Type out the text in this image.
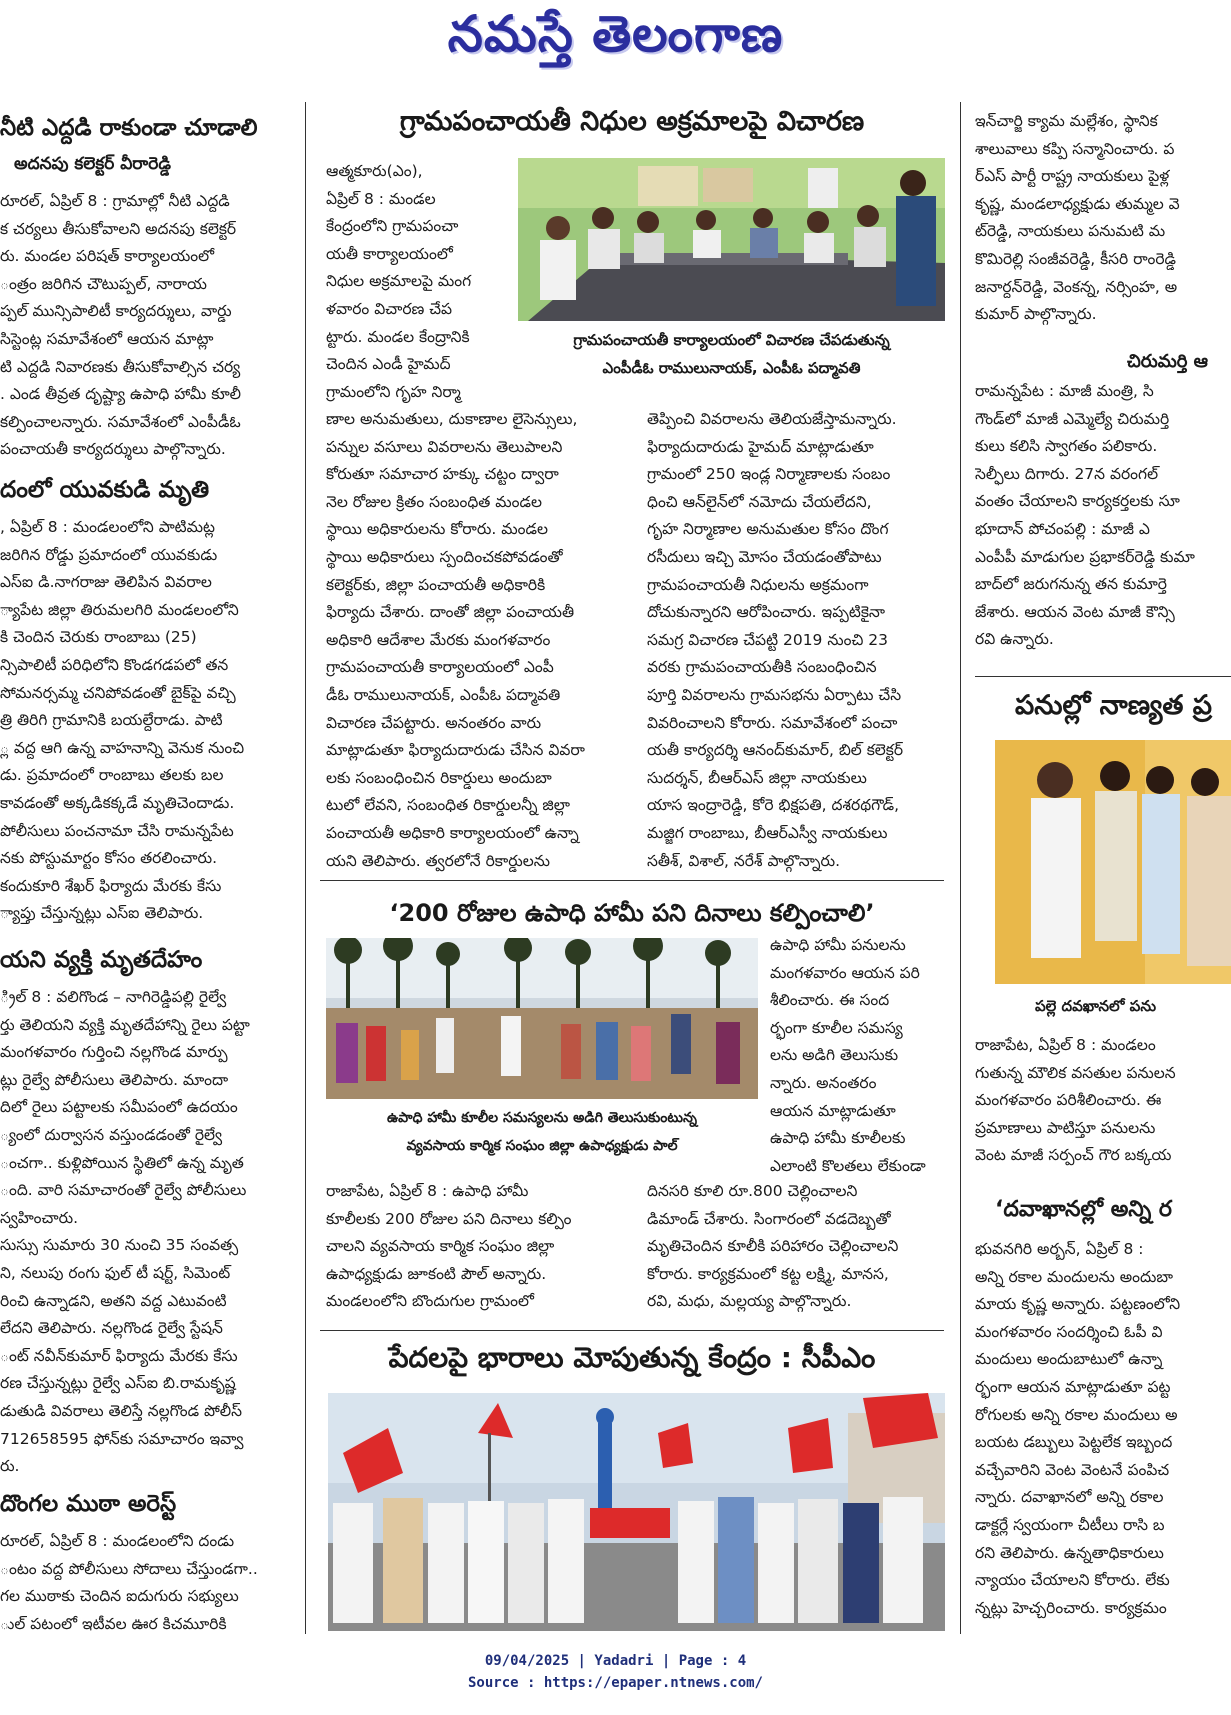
నమస్తే తెలంగాణ
నీటి ఎద్దడి రాకుండా చూడాలి
అదనపు కలెక్టర్ వీరారెడ్డి

రూరల్, ఏప్రిల్ 8 : గ్రామాల్లో నీటి ఎద్దడి
క చర్యలు తీసుకోవాలని అదనపు కలెక్టర్
రు. మండల పరిషత్ కార్యాలయంలో
ంత్రం జరిగిన చౌటుప్పల్, నారాయ
ప్పల్ మున్సిపాలిటీ కార్యదర్శులు, వార్డు
సిస్టెంట్ల సమావేశంలో ఆయన మాట్లా
టి ఎద్దడి నివారణకు తీసుకోవాల్సిన చర్య
. ఎండ తీవ్రత దృష్ట్యా ఉపాధి హామీ కూలీ
కల్పించాలన్నారు. సమావేశంలో ఎంపీడీఓ
పంచాయతీ కార్యదర్శులు పాల్గొన్నారు.

దంలో యువకుడి మృతి

, ఏప్రిల్ 8 : మండలంలోని పాటిమట్ల
జరిగిన రోడ్డు ప్రమాదంలో యువకుడు
ఎస్ఐ డి.నాగరాజు తెలిపిన వివరాల
్యాపేట జిల్లా తిరుమలగిరి మండలంలోని
కి చెందిన చెరుకు రాంబాబు (25)
న్సిపాలిటీ పరిధిలోని కొండగడపలో తన
సోమనర్సమ్మ చనిపోవడంతో బైక్‌పై వచ్చి
త్రి తిరిగి గ్రామానికి బయల్దేరాడు. పాటి
్ల వద్ద ఆగి ఉన్న వాహనాన్ని వెనుక నుంచి
డు. ప్రమాదంలో రాంబాబు తలకు బల
కావడంతో అక్కడికక్కడే మృతిచెందాడు.
పోలీసులు పంచనామా చేసి రామన్నపేట
నకు పోస్టుమార్టం కోసం తరలించారు.
కందుకూరి శేఖర్ ఫిర్యాదు మేరకు కేసు
్యాప్తు చేస్తున్నట్లు ఎస్ఐ తెలిపారు.

యని వ్యక్తి మృతదేహం

్రిల్ 8 : వలిగొండ – నాగిరెడ్డిపల్లి రైల్వే
ర్తు తెలియని వ్యక్తి మృతదేహాన్ని రైలు పట్టా
మంగళవారం గుర్తించి నల్లగొండ మార్పు
ట్లు రైల్వే పోలీసులు తెలిపారు. మాందా
దిలో రైలు పట్టాలకు సమీపంలో ఉదయం
్యంలో దుర్వాసన వస్తుండడంతో రైల్వే
ంచగా.. కుళ్లిపోయిన స్థితిలో ఉన్న మృత
ంది. వారి సమాచారంతో రైల్వే పోలీసులు
స్వహించారు.
సుస్సు సుమారు 30 నుంచి 35 సంవత్స
ని, నలుపు రంగు ఫుల్ టీ షర్ట్, సిమెంట్
రించి ఉన్నాడని, అతని వద్ద ఎటువంటి
లేదని తెలిపారు. నల్లగొండ రైల్వే స్టేషన్
ంట్ నవీన్‌కుమార్ ఫిర్యాదు మేరకు కేసు
రణ చేస్తున్నట్లు రైల్వే ఎస్ఐ బి.రామకృష్ణ
డుతుడి వివరాలు తెలిస్తే నల్లగొండ పోలీస్
712658595 ఫోన్‌కు సమాచారం ఇవ్వా
రు.

దొంగల ముఠా అరెస్ట్

రూరల్, ఏప్రిల్ 8 : మండలంలోని దండు
ంటం వద్ద పోలీసులు సోదాలు చేస్తుండగా..
గల ముఠాకు చెందిన ఐదుగురు సభ్యులు
ుల్ పటంలో ఇటీవల ఊర కిచమూరికి

గ్రామపంచాయతీ నిధుల అక్రమాలపై విచారణ

ఆత్మకూరు(ఎం),
ఏప్రిల్ 8 : మండల
కేంద్రంలోని గ్రామపంచా
యతీ కార్యాలయంలో
నిధుల అక్రమాలపై మంగ
ళవారం విచారణ చేప
ట్టారు. మండల కేంద్రానికి
చెందిన ఎండీ హైమద్
గ్రామంలోని గృహ నిర్మా

గ్రామపంచాయతీ కార్యాలయంలో విచారణ చేపడుతున్న
ఎంపీడీఓ రాములునాయక్, ఎంపీఓ పద్మావతి

ణాల అనుమతులు, దుకాణాల లైసెన్సులు,
పన్నుల వసూలు వివరాలను తెలుపాలని
కోరుతూ సమాచార హక్కు చట్టం ద్వారా
నెల రోజుల క్రితం సంబంధిత మండల
స్థాయి అధికారులను కోరారు. మండల
స్థాయి అధికారులు స్పందించకపోవడంతో
కలెక్టర్‌కు, జిల్లా పంచాయతీ అధికారికి
ఫిర్యాదు చేశారు. దాంతో జిల్లా పంచాయతీ
అధికారి ఆదేశాల మేరకు మంగళవారం
గ్రామపంచాయతీ కార్యాలయంలో ఎంపీ
డీఓ రాములునాయక్, ఎంపీఓ పద్మావతి
విచారణ చేపట్టారు. అనంతరం వారు
మాట్లాడుతూ ఫిర్యాదుదారుడు చేసిన వివరా
లకు సంబంధించిన రికార్డులు అందుబా
టులో లేవని, సంబంధిత రికార్డులన్నీ జిల్లా
పంచాయతీ అధికారి కార్యాలయంలో ఉన్నా
యని తెలిపారు. త్వరలోనే రికార్డులను

తెప్పించి వివరాలను తెలియజేస్తామన్నారు.
ఫిర్యాదుదారుడు హైమద్ మాట్లాడుతూ
గ్రామంలో 250 ఇండ్ల నిర్మాణాలకు సంబం
ధించి ఆన్‌లైన్‌లో నమోదు చేయలేదని,
గృహ నిర్మాణాల అనుమతుల కోసం దొంగ
రసీదులు ఇచ్చి మోసం చేయడంతోపాటు
గ్రామపంచాయతీ నిధులను అక్రమంగా
దోచుకున్నారని ఆరోపించారు. ఇప్పటికైనా
సమగ్ర విచారణ చేపట్టి 2019 నుంచి 23
వరకు గ్రామపంచాయతీకి సంబంధించిన
పూర్తి వివరాలను గ్రామసభను ఏర్పాటు చేసి
వివరించాలని కోరారు. సమావేశంలో పంచా
యతీ కార్యదర్శి ఆనంద్‌కుమార్, బిల్ కలెక్టర్
సుదర్శన్, బీఆర్ఎస్ జిల్లా నాయకులు
యాస ఇంద్రారెడ్డి, కోరె భిక్షపతి, దశరథగౌడ్,
మజ్జిగ రాంబాబు, బీఆర్ఎస్వీ నాయకులు
సతీశ్, విశాల్, నరేశ్ పాల్గొన్నారు.

‘200 రోజుల ఉపాధి హామీ పని దినాలు కల్పించాలి’

ఉపాధి హామీ పనులను
మంగళవారం ఆయన పరి
శీలించారు. ఈ సంద
ర్భంగా కూలీల సమస్య
లను అడిగి తెలుసుకు
న్నారు. అనంతరం
ఆయన మాట్లాడుతూ
ఉపాధి హామీ కూలీలకు
ఎలాంటి కొలతలు లేకుండా

ఉపాధి హామీ కూలీల సమస్యలను అడిగి తెలుసుకుంటున్న
వ్యవసాయ కార్మిక సంఘం జిల్లా ఉపాధ్యక్షుడు పాల్

రాజాపేట, ఏప్రిల్ 8 : ఉపాధి హామీ
కూలీలకు 200 రోజుల పని దినాలు కల్పిం
చాలని వ్యవసాయ కార్మిక సంఘం జిల్లా
ఉపాధ్యక్షుడు జూకంటి పౌల్ అన్నారు.
మండలంలోని బొందుగుల గ్రామంలో

దినసరి కూలి రూ.800 చెల్లించాలని
డిమాండ్ చేశారు. సింగారంలో వడదెబ్బతో
మృతిచెందిన కూలీకి పరిహారం చెల్లించాలని
కోరారు. కార్యక్రమంలో కట్ట లక్ష్మి, మానస,
రవి, మధు, మల్లయ్య పాల్గొన్నారు.

పేదలపై భారాలు మోపుతున్న కేంద్రం : సీపీఎం

ఇన్‌చార్జి క్యామ మల్లేశం, స్థానిక
శాలువాలు కప్పి సన్మానించారు. ప
ర్ఎస్ పార్టీ రాష్ట్ర నాయకులు పైళ్ల
కృష్ణ, మండలాధ్యక్షుడు తుమ్మల వె
ట్‌రెడ్డి, నాయకులు పనుమటి మ
కొమిరెల్లి సంజీవరెడ్డి, కీసరి రాంరెడ్డి
జనార్దన్‌రెడ్డి, వెంకన్న, నర్సింహ, అ
కుమార్ పాల్గొన్నారు.

చిరుమర్తి ఆ

రామన్నపేట : మాజీ మంత్రి, సి
గౌండ్‌లో మాజీ ఎమ్మెల్యే చిరుమర్తి
కులు కలిసి స్వాగతం పలికారు.
సెల్ఫీలు దిగారు. 27న వరంగల్‌
వంతం చేయాలని కార్యకర్తలకు సూ
భూదాన్ పోచంపల్లి : మాజీ ఎ
ఎంపీపీ మాడుగుల ప్రభాకర్‌రెడ్డి కుమా
బాద్‌లో జరుగనున్న తన కుమార్తె
జేశారు. ఆయన వెంట మాజీ కౌన్సి
రవి ఉన్నారు.

పనుల్లో నాణ్యత ప్ర
పల్లె దవఖానలో పను

రాజాపేట, ఏప్రిల్ 8 : మండలం
గుతున్న మౌలిక వసతుల పనులన
మంగళవారం పరిశీలించారు. ఈ
ప్రమాణాలు పాటిస్తూ పనులను
వెంట మాజీ సర్పంచ్ గౌర బక్కయ

‘దవాఖానల్లో అన్ని ర

భువనగిరి అర్బన్, ఏప్రిల్ 8 :
అన్ని రకాల మందులను అందుబా
మాయ కృష్ణ అన్నారు. పట్టణంలోని
మంగళవారం సందర్శించి ఓపీ వి
మందులు అందుబాటులో ఉన్నా
ర్భంగా ఆయన మాట్లాడుతూ పట్ట
రోగులకు అన్ని రకాల మందులు అ
బయట డబ్బులు పెట్టలేక ఇబ్బంద
వచ్చేవారిని వెంట వెంటనే పంపిచ
న్నారు. దవాఖానలో అన్ని రకాల
డాక్టర్లే స్వయంగా చీటీలు రాసి బ
రని తెలిపారు. ఉన్నతాధికారులు
న్యాయం చేయాలని కోరారు. లేకు
న్నట్లు హెచ్చరించారు. కార్యక్రమం

09/04/2025 | Yadadri | Page : 4
Source : https://epaper.ntnews.com/
